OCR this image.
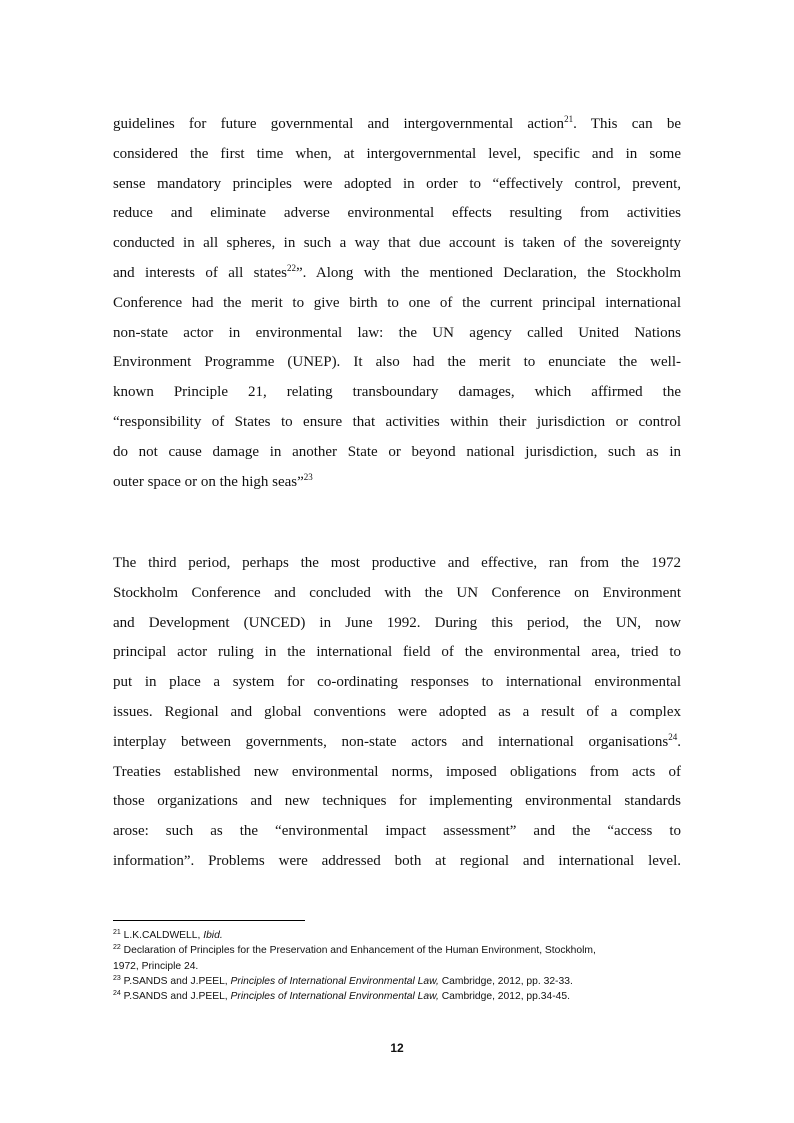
guidelines for future governmental and intergovernmental action$^{21}$. This can be
considered the first time when, at intergovernmental level, specific and in some
sense mandatory principles were adopted in order to “effectively control, prevent,
reduce and eliminate adverse environmental effects resulting from activities
conducted in all spheres, in such a way that due account is taken of the sovereignty
and interests of all states$^{22}$”. Along with the mentioned Declaration, the Stockholm
Conference had the merit to give birth to one of the current principal international
non-state actor in environmental law: the UN agency called United Nations
Environment Programme (UNEP). It also had the merit to enunciate the well-
known Principle 21, relating transboundary damages, which affirmed the
“responsibility of States to ensure that activities within their jurisdiction or control
do not cause damage in another State or beyond national jurisdiction, such as in
outer space or on the high seas”$^{23}$
The third period, perhaps the most productive and effective, ran from the 1972
Stockholm Conference and concluded with the UN Conference on Environment
and Development (UNCED) in June 1992. During this period, the UN, now
principal actor ruling in the international field of the environmental area, tried to
put in place a system for co-ordinating responses to international environmental
issues. Regional and global conventions were adopted as a result of a complex
interplay between governments, non-state actors and international organisations$^{24}$.
Treaties established new environmental norms, imposed obligations from acts of
those organizations and new techniques for implementing environmental standards
arose: such as the “environmental impact assessment” and the “access to
information”. Problems were addressed both at regional and international level.
$^{21}$ L.K.CALDWELL, Ibid.
$^{22}$ Declaration of Principles for the Preservation and Enhancement of the Human Environment, Stockholm,
1972, Principle 24.
$^{23}$ P.SANDS and J.PEEL, Principles of International Environmental Law, Cambridge, 2012, pp. 32-33.
$^{24}$ P.SANDS and J.PEEL, Principles of International Environmental Law, Cambridge, 2012, pp.34-45.
12
